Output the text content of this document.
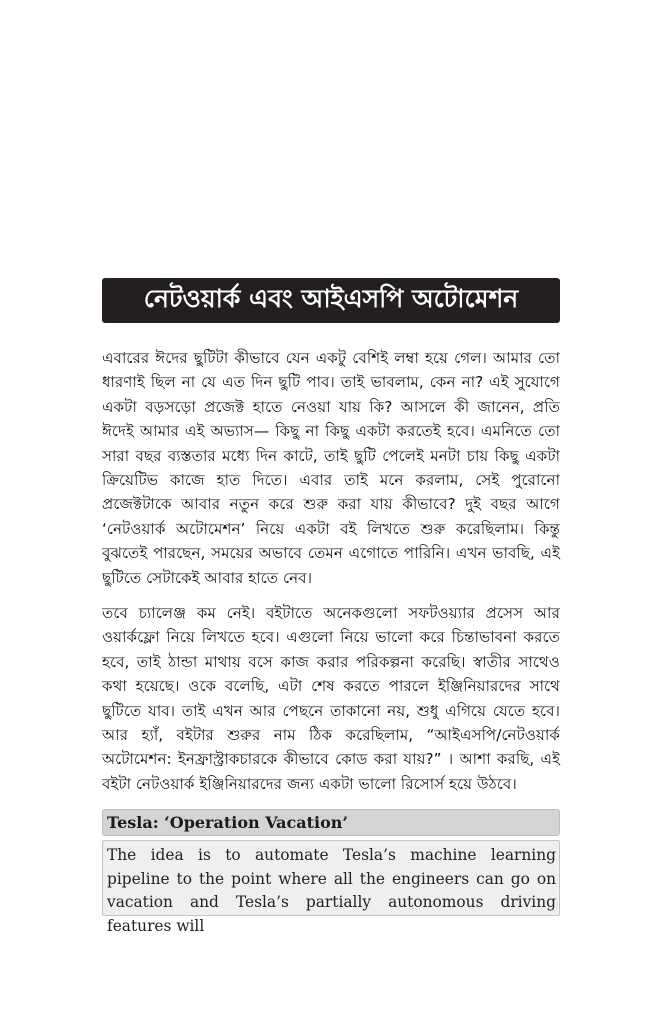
নেটওয়ার্ক এবং আইএসপি অটোমেশন

এবারের ঈদের ছুটিটা কীভাবে যেন একটু বেশিই লম্বা হয়ে গেল। আমার তো ধারণাই ছিল না যে এত দিন ছুটি পাব। তাই ভাবলাম, কেন না? এই সুযোগে একটা বড়সড়ো প্রজেক্ট হাতে নেওয়া যায় কি? আসলে কী জানেন, প্রতি ঈদেই আমার এই অভ্যাস— কিছু না কিছু একটা করতেই হবে। এমনিতে তো সারা বছর ব্যস্ততার মধ্যে দিন কাটে, তাই ছুটি পেলেই মনটা চায় কিছু একটা ক্রিয়েটিভ কাজে হাত দিতে। এবার তাই মনে করলাম, সেই পুরোনো প্রজেক্টটাকে আবার নতুন করে শুরু করা যায় কীভাবে? দুই বছর আগে ‘নেটওয়ার্ক অটোমেশন’ নিয়ে একটা বই লিখতে শুরু করেছিলাম। কিন্তু বুঝতেই পারছেন, সময়ের অভাবে তেমন এগোতে পারিনি। এখন ভাবছি, এই ছুটিতে সেটাকেই আবার হাতে নেব।

তবে চ্যালেঞ্জ কম নেই। বইটাতে অনেকগুলো সফটওয়্যার প্রসেস আর ওয়ার্কফ্লো নিয়ে লিখতে হবে। এগুলো নিয়ে ভালো করে চিন্তাভাবনা করতে হবে, তাই ঠান্ডা মাথায় বসে কাজ করার পরিকল্পনা করেছি। স্বাতীর সাথেও কথা হয়েছে। ওকে বলেছি, এটা শেষ করতে পারলে ইঞ্জিনিয়ারদের সাথে ছুটিতে যাব। তাই এখন আর পেছনে তাকানো নয়, শুধু এগিয়ে যেতে হবে। আর হ্যাঁ, বইটার শুরুর নাম ঠিক করেছিলাম, “আইএসপি/নেটওয়ার্ক অটোমেশন: ইনফ্রাস্ট্রাকচারকে কীভাবে কোড করা যায়?” । আশা করছি, এই বইটা নেটওয়ার্ক ইঞ্জিনিয়ারদের জন্য একটা ভালো রিসোর্স হয়ে উঠবে।

Tesla: ‘Operation Vacation’

The idea is to automate Tesla’s machine learning pipeline to the point where all the engineers can go on vacation and Tesla’s partially autonomous driving features will
